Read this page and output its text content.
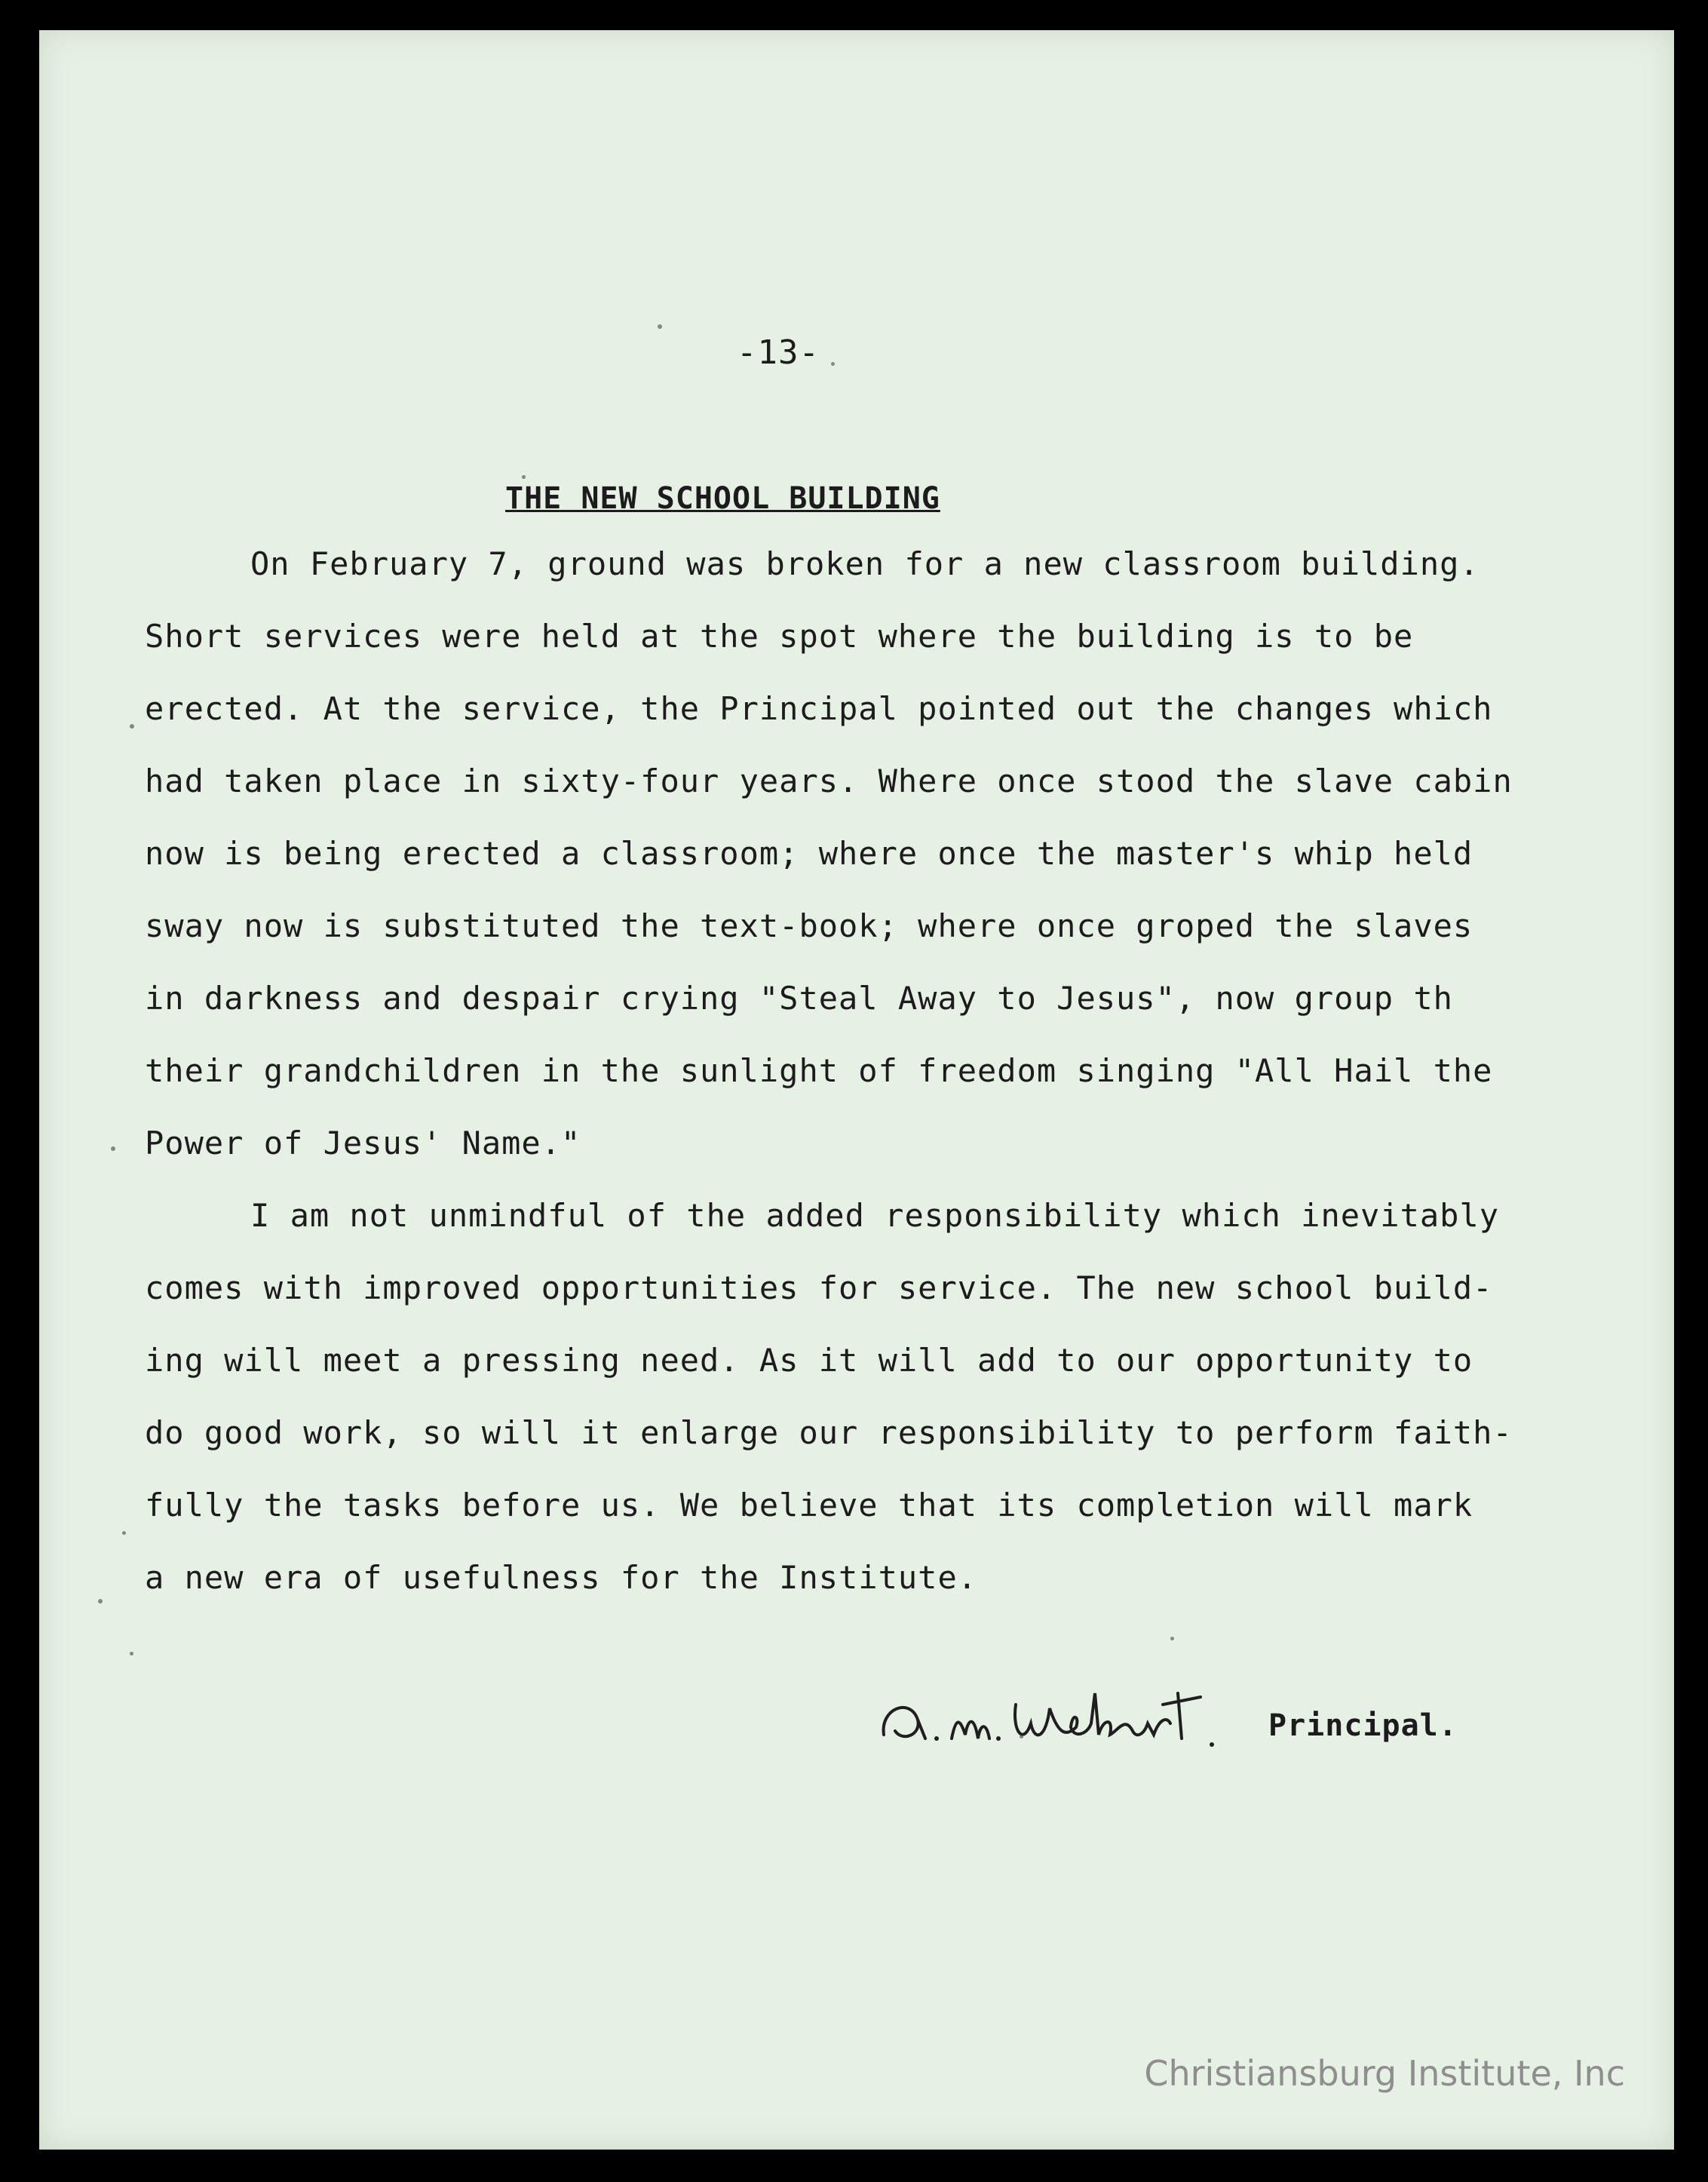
-13-
THE NEW SCHOOL BUILDING
On February 7, ground was broken for a new classroom building.
Short services were held at the spot where the building is to be
erected. At the service, the Principal pointed out the changes which
had taken place in sixty-four years. Where once stood the slave cabin
now is being erected a classroom; where once the master's whip held
sway now is substituted the text-book; where once groped the slaves
in darkness and despair crying "Steal Away to Jesus", now group th
their grandchildren in the sunlight of freedom singing "All Hail the
Power of Jesus' Name."
I am not unmindful of the added responsibility which inevitably
comes with improved opportunities for service. The new school build-
ing will meet a pressing need. As it will add to our opportunity to
do good work, so will it enlarge our responsibility to perform faith-
fully the tasks before us. We believe that its completion will mark
a new era of usefulness for the Institute.
Principal.
Christiansburg Institute, Inc
